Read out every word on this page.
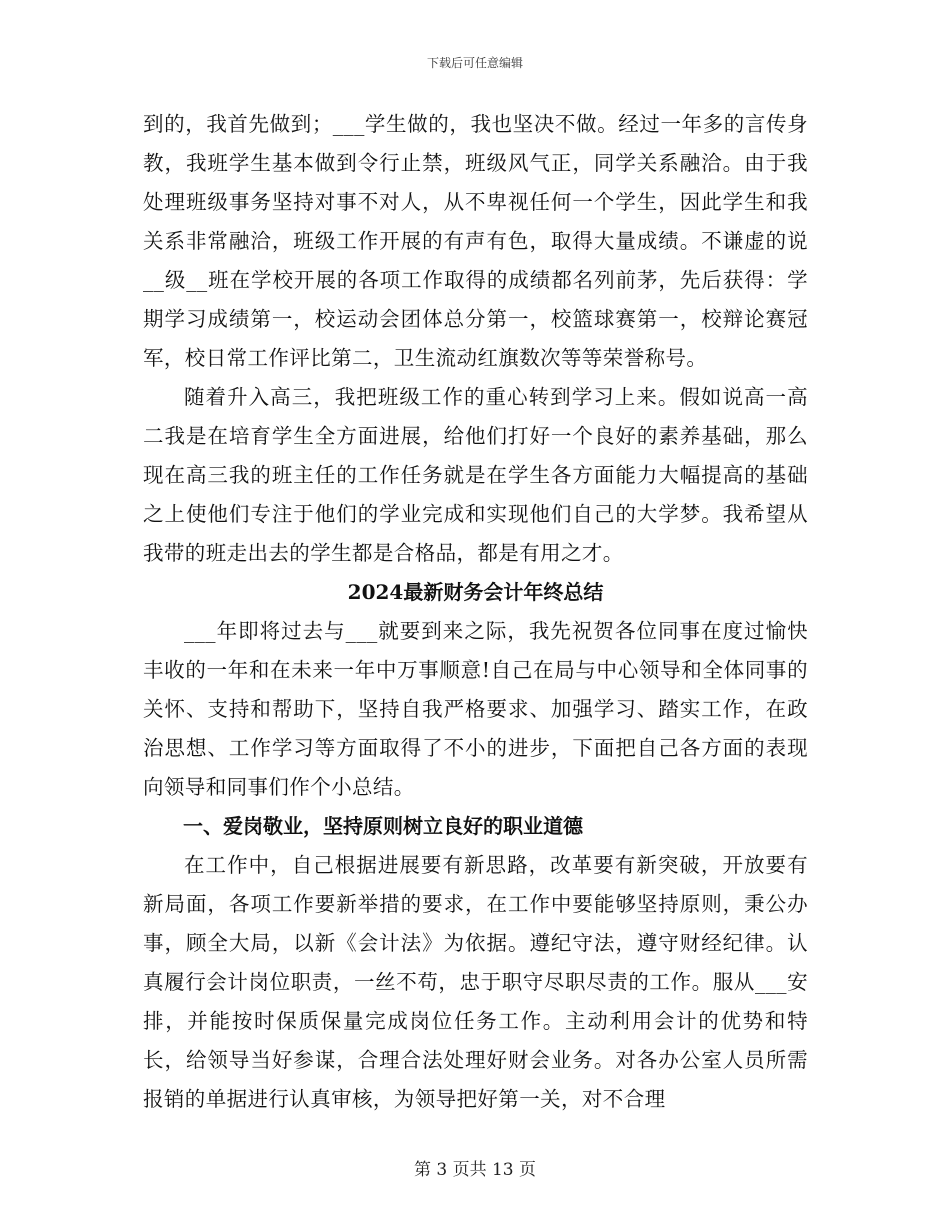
下载后可任意编辑

到的，我首先做到；___学生做的，我也坚决不做。经过一年多的言传身教，我班学生基本做到令行止禁，班级风气正，同学关系融洽。由于我处理班级事务坚持对事不对人，从不卑视任何一个学生，因此学生和我关系非常融洽，班级工作开展的有声有色，取得大量成绩。不谦虚的说__级__班在学校开展的各项工作取得的成绩都名列前茅，先后获得：学期学习成绩第一，校运动会团体总分第一，校篮球赛第一，校辩论赛冠军，校日常工作评比第二，卫生流动红旗数次等等荣誉称号。

随着升入高三，我把班级工作的重心转到学习上来。假如说高一高二我是在培育学生全方面进展，给他们打好一个良好的素养基础，那么现在高三我的班主任的工作任务就是在学生各方面能力大幅提高的基础之上使他们专注于他们的学业完成和实现他们自己的大学梦。我希望从我带的班走出去的学生都是合格品，都是有用之才。

2024最新财务会计年终总结

___年即将过去与___就要到来之际，我先祝贺各位同事在度过愉快丰收的一年和在未来一年中万事顺意!自己在局与中心领导和全体同事的关怀、支持和帮助下，坚持自我严格要求、加强学习、踏实工作，在政治思想、工作学习等方面取得了不小的进步，下面把自己各方面的表现向领导和同事们作个小总结。

一、爱岗敬业，坚持原则树立良好的职业道德

在工作中，自己根据进展要有新思路，改革要有新突破，开放要有新局面，各项工作要新举措的要求，在工作中要能够坚持原则，秉公办事，顾全大局，以新《会计法》为依据。遵纪守法，遵守财经纪律。认真履行会计岗位职责，一丝不苟，忠于职守尽职尽责的工作。服从___安排，并能按时保质保量完成岗位任务工作。主动利用会计的优势和特长，给领导当好参谋，合理合法处理好财会业务。对各办公室人员所需报销的单据进行认真审核，为领导把好第一关，对不合理

第 3 页共 13 页
